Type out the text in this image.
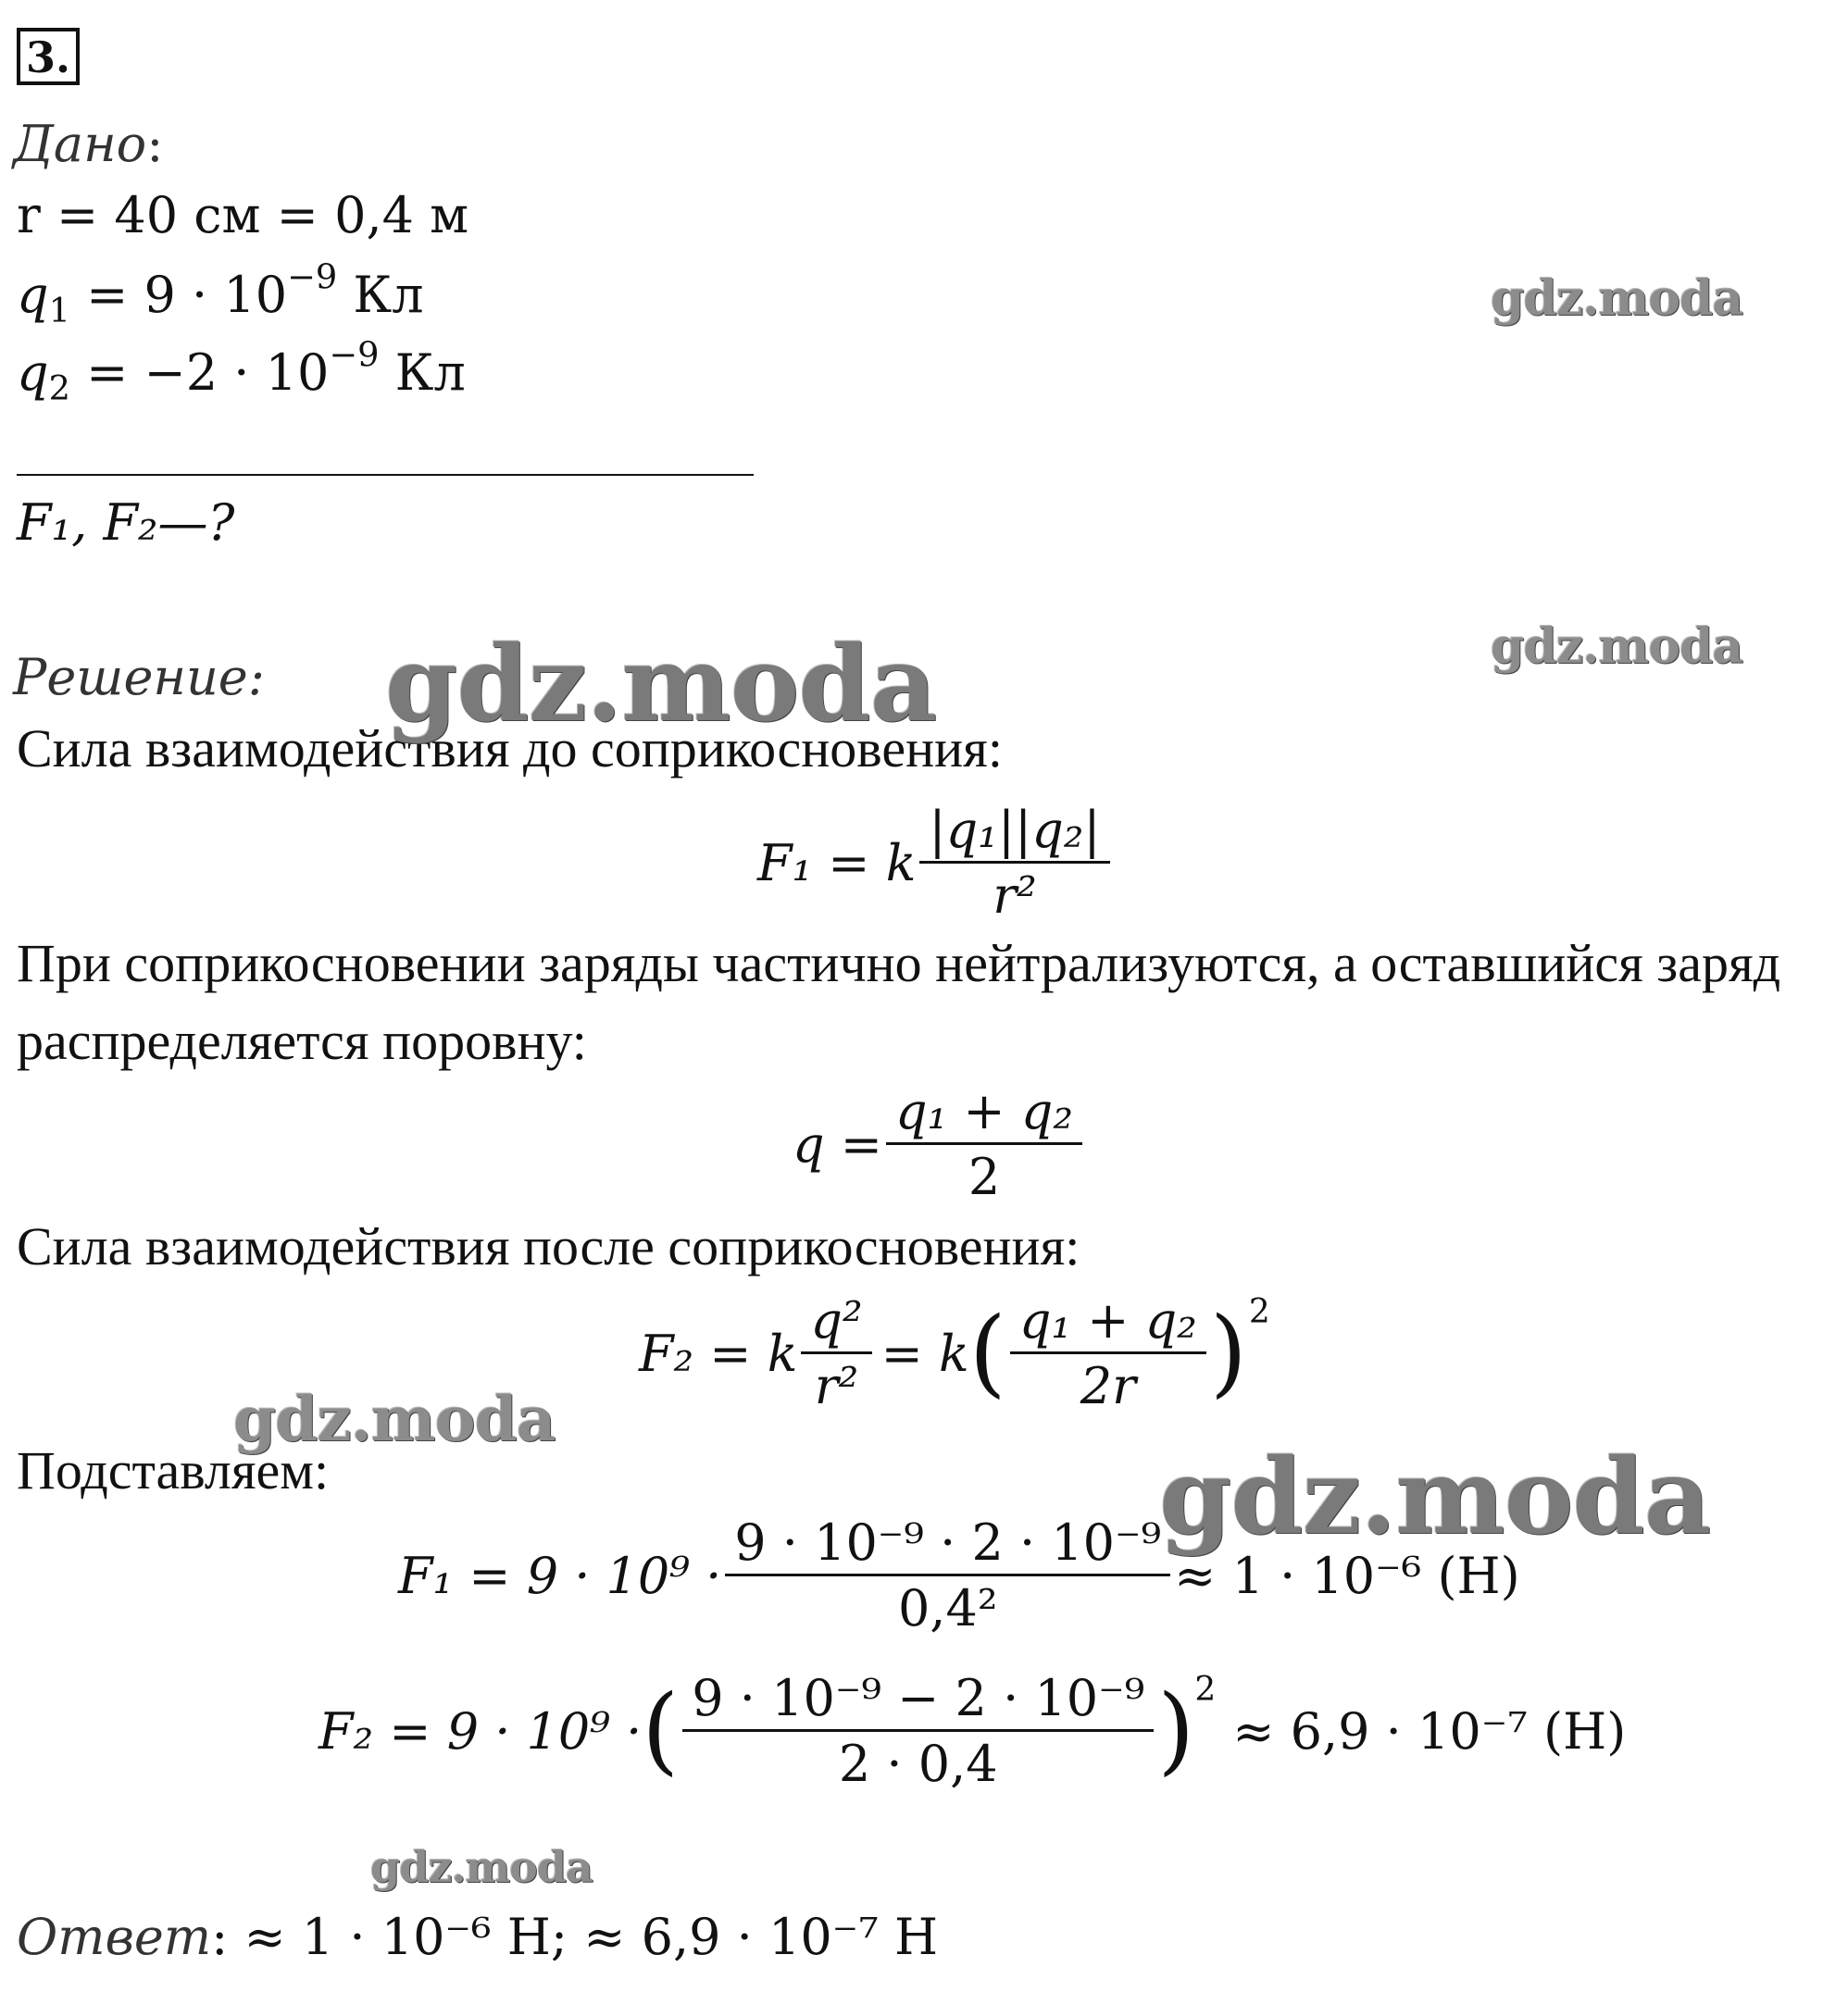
3.
Дано:
r = 40 см = 0,4 м
$q_1 = 9 \cdot 10^{-9}$ Кл
$q_2 = -2 \cdot 10^{-9}$ Кл
F₁, F₂—?
Решение:
Сила взаимодействия до соприкосновения:
F₁ = k $\frac{\text{|q₁||q₂|}}{\text{r²}}$
При соприкосновении заряды частично нейтрализуются, а оставшийся заряд
распределяется поровну:
$q = \frac{\text{q₁ + q₂}}{2}$
Сила взаимодействия после соприкосновения:
F₂ = k $\frac{\text{q²}}{\text{r²}} = k$ ( $\frac{\text{q₁ + q₂}}{2r}$ ) 2
Подставляем:
$F_1 = 9 \cdot 10^9 \cdot \frac{\text{9 · 10⁻⁹ · 2 · 10⁻⁹}}{\text{0,4²}} \approx 1 \cdot 10^{-6}$ (H)
F₂ = 9 · 10⁹ · ( $\frac{\text{9 · 10⁻⁹ − 2 · 10⁻⁹}}{2 \cdot 0,4}$ ) 2
≈ 6,9 · 10⁻⁷ (H)
Ответ: ≈ 1 · 10⁻⁶ Н; ≈ 6,9 · 10⁻⁷ Н
gdz.moda
gdz.moda
gdz.moda
gdz.moda
gdz.moda
gdz.moda
